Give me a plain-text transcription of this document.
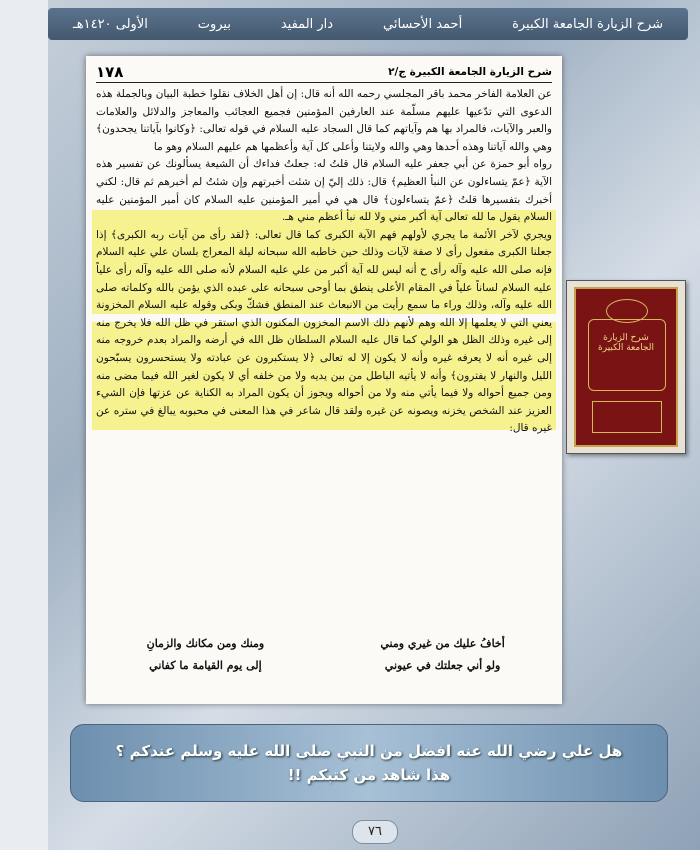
شرح الزيارة الجامعة الكبيرة
أحمد الأحسائي
دار المفيد
بيروت
الأولى ١٤٢٠هـ
شرح الزيارة الجامعة الكبيرة ج/٢
١٧٨

عن العلامة الفاخر محمد باقر المجلسي رحمه الله أنه قال: إن أهل الخلاف نقلوا خطبة البيان وبالجملة هذه الدعوى التي تدّعيها عليهم مسلّمة عند العارفين المؤمنين فجميع العجائب والمعاجز والدلائل والعلامات والعبر والآيات، فالمراد بها هم وآياتهم كما قال السجاد عليه السلام في قوله تعالى: ﴿وكانوا بآياتنا يجحدون﴾ وهي والله آياتنا وهذه أحدها وهي والله ولايتنا وأعلى كل آية وأعظمها هم عليهم السلام وهو ما

رواه أبو حمزة عن أبي جعفر عليه السلام قال قلتُ له: جعلتُ فداءك أن الشيعة يسألونك عن تفسير هذه الآية ﴿عمّ يتساءلون عن النبأ العظيم﴾ قال: ذلك إليّ إن شئت أخبرتهم وإن شئتُ لم أخبرهم ثم قال: لكني أخبرك بتفسيرها قلتُ ﴿عمّ يتساءلون﴾ قال هي في أمير المؤمنين عليه السلام كان أمير المؤمنين عليه السلام يقول ما لله تعالى آية أكبر مني ولا لله نبأ أعظم مني هـ.

ويجري لآخر الأئمة ما يجري لأولهم فهم الآية الكبرى كما قال تعالى: ﴿لقد رأى من آيات ربه الكبرى﴾ إذا جعلنا الكبرى مفعول رأى لا صفة لآيات وذلك حين خاطبه الله سبحانه ليلة المعراج بلسان علي عليه السلام فإنه صلى الله عليه وآله رأى ح أنه ليس لله آية أكبر من علي عليه السلام لأنه صلى الله عليه وآله رأى علياً عليه السلام لساناً علياً في المقام الأعلى ينطق بما أوحى سبحانه على عبده الذي يؤمن بالله وكلماته صلى الله عليه وآله، وذلك وراء ما سمع رأيت من الانبعاث عند المنطق فشكّ وبكى وقوله عليه السلام المخزونة يعني التي لا يعلمها إلا الله وهم لأنهم ذلك الاسم المخزون المكنون الذي استقر في ظل الله فلا يخرج منه إلى غيره وذلك الظل هو الولي كما قال عليه السلام السلطان ظل الله في أرضه والمراد بعدم خروجه منه إلى غيره أنه لا يعرفه غيره وأنه لا يكون إلا له تعالى ﴿لا يستكبرون عن عبادته ولا يستحسرون يسبّحون الليل والنهار لا يفترون﴾ وأنه لا يأتيه الباطل من بين يديه ولا من خلفه أي لا يكون لغير الله فيما مضى منه ومن جميع أحواله ولا فيما يأتي منه ولا من أحواله ويجوز أن يكون المراد به الكناية عن عزتها فإن الشيء العزيز عند الشخص يخزنه ويصونه عن غيره ولقد قال شاعر في هذا المعنى في محبوبه يبالغ في ستره عن غيره قال:

أخافُ عليك من غيري ومني
ومنك ومن مكانك والزمانِ
ولو أني جعلتك في عيوني
إلى يوم القيامة ما كفاني
شرح الزيارة الجامعة الكبيرة
هل علي رضي الله عنه افضل من النبي صلى الله عليه وسلم عندكم ؟
هذا شاهد من كتبكم !!
٧٦
